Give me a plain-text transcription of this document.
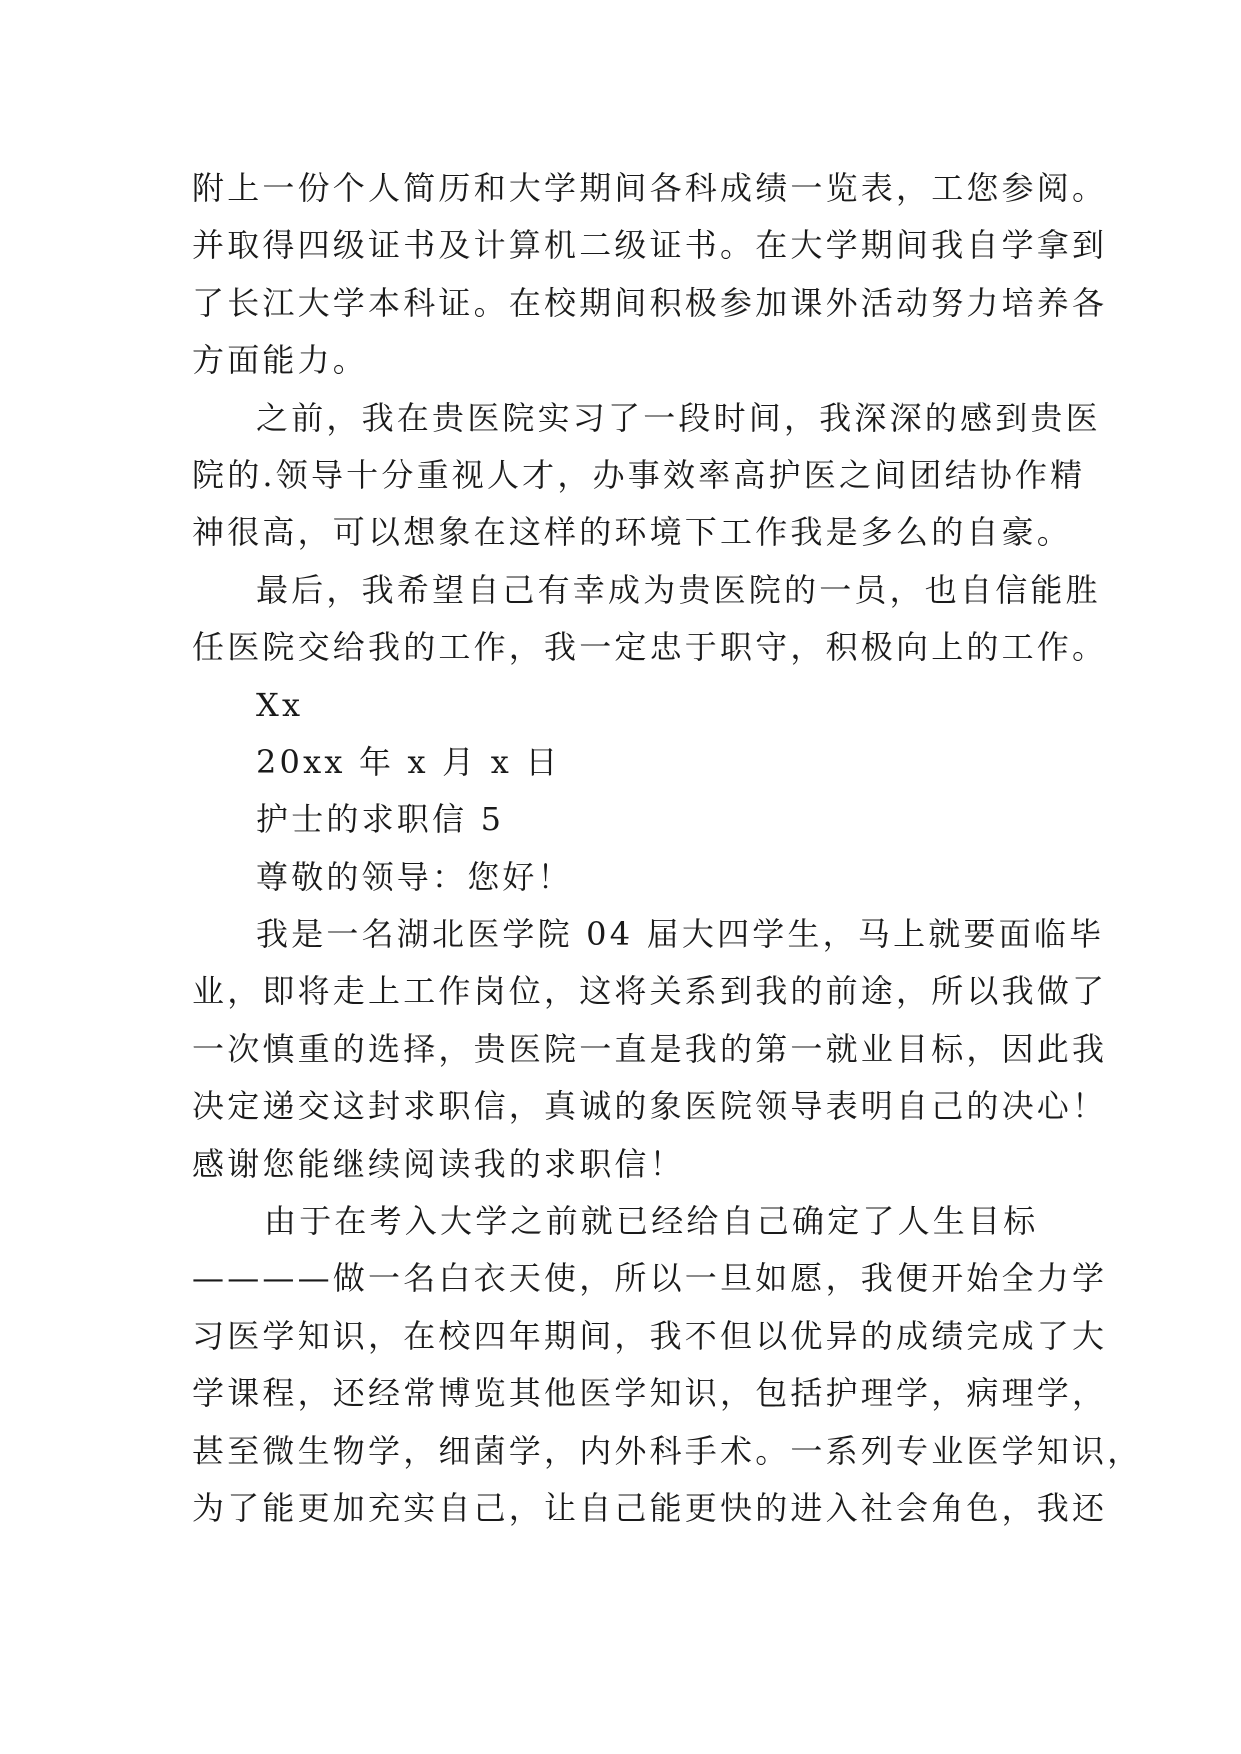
附上一份个人简历和大学期间各科成绩一览表，工您参阅。
并取得四级证书及计算机二级证书。在大学期间我自学拿到
了长江大学本科证。在校期间积极参加课外活动努力培养各
方面能力。
之前，我在贵医院实习了一段时间，我深深的感到贵医
院的.领导十分重视人才，办事效率高护医之间团结协作精
神很高，可以想象在这样的环境下工作我是多么的自豪。
最后，我希望自己有幸成为贵医院的一员，也自信能胜
任医院交给我的工作，我一定忠于职守，积极向上的工作。
Xx
20xx 年 x 月 x 日
护士的求职信 5
尊敬的领导：您好！
我是一名湖北医学院 04 届大四学生，马上就要面临毕
业，即将走上工作岗位，这将关系到我的前途，所以我做了
一次慎重的选择，贵医院一直是我的第一就业目标，因此我
决定递交这封求职信，真诚的象医院领导表明自己的决心！
感谢您能继续阅读我的求职信！
由于在考入大学之前就已经给自己确定了人生目标
————做一名白衣天使，所以一旦如愿，我便开始全力学
习医学知识，在校四年期间，我不但以优异的成绩完成了大
学课程，还经常博览其他医学知识，包括护理学，病理学，
甚至微生物学，细菌学，内外科手术。一系列专业医学知识，
为了能更加充实自己，让自己能更快的进入社会角色，我还
